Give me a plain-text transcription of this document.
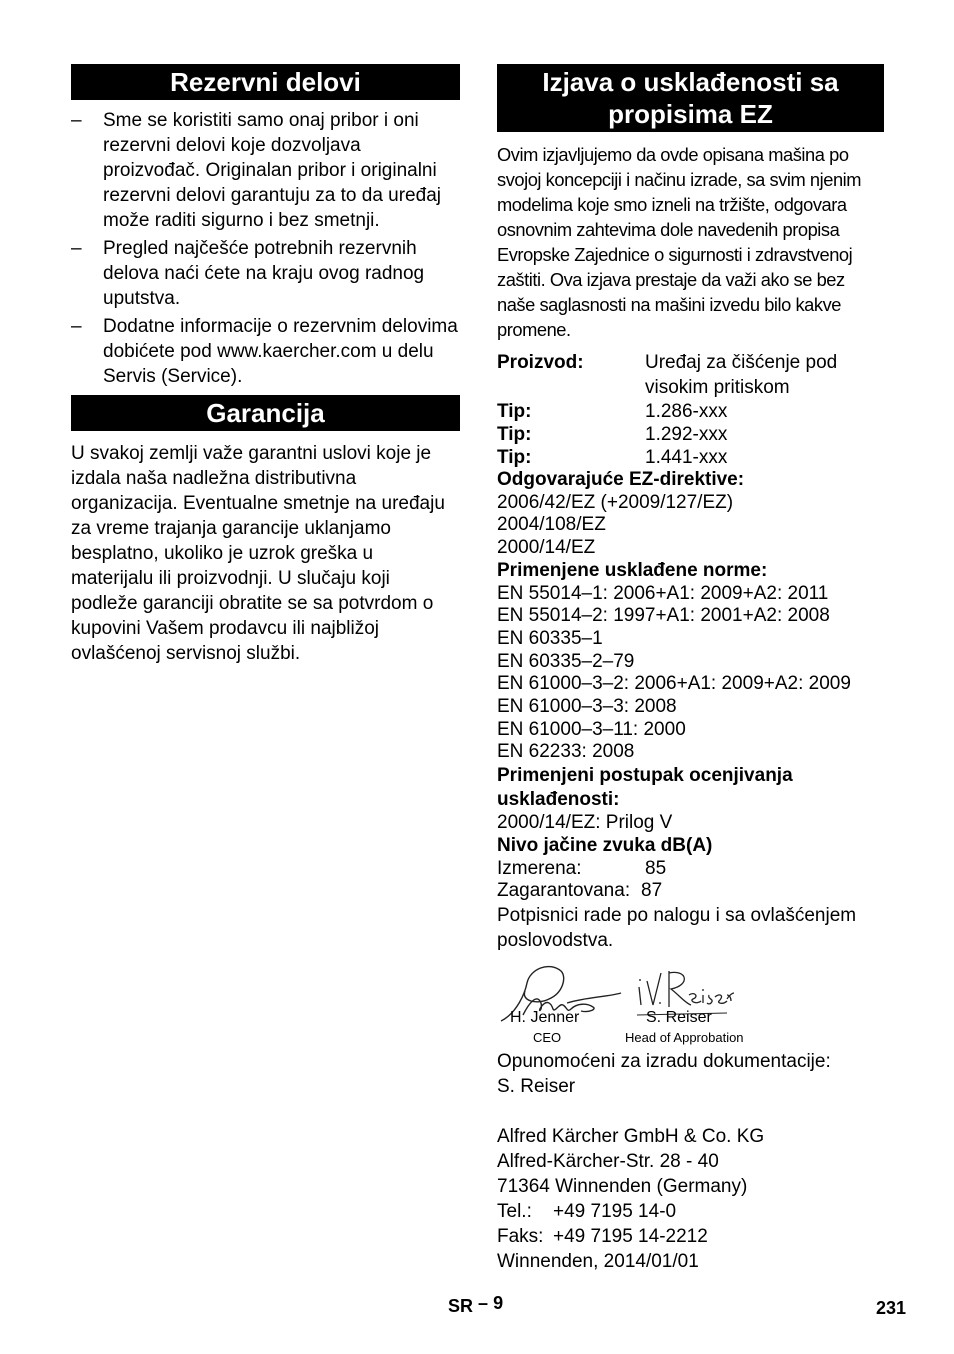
Rezervni delovi
–	Sme se koristiti samo onaj pribor i oni rezervni delovi koje dozvoljava proizvođač. Originalan pribor i originalni rezervni delovi garantuju za to da uređaj može raditi sigurno i bez smetnji.
–	Pregled najčešće potrebnih rezervnih delova naći ćete na kraju ovog radnog uputstva.
–	Dodatne informacije o rezervnim delovima dobićete pod www.kaercher.com u delu Servis (Service).
Garancija

U svakoj zemlji važe garantni uslovi koje je izdala naša nadležna distributivna organizacija. Eventualne smetnje na uređaju za vreme trajanja garancije uklanjamo besplatno, ukoliko je uzrok greška u materijalu ili proizvodnji. U slučaju koji podleže garanciji obratite se sa potvrdom o kupovini Vašem prodavcu ili najbližoj ovlašćenoj servisnoj službi.

Izjava o usklađenosti sa
propisima EZ

Ovim izjavljujemo da ovde opisana mašina po svojoj koncepciji i načinu izrade, sa svim njenim modelima koje smo izneli na tržište, odgovara osnovnim zahtevima dole navedenih propisa Evropske Zajednice o sigurnosti i zdravstvenoj zaštiti. Ova izjava prestaje da važi ako se bez naše saglasnosti na mašini izvedu bilo kakve promene.

Proizvod:	Uređaj za čišćenje pod
visokim pritiskom
Tip:	1.286-xxx
Tip:	1.292-xxx
Tip:	1.441-xxx
Odgovarajuće EZ-direktive:
2006/42/EZ (+2009/127/EZ)
2004/108/EZ
2000/14/EZ
Primenjene usklađene norme:
EN 55014–1: 2006+A1: 2009+A2: 2011
EN 55014–2: 1997+A1: 2001+A2: 2008
EN 60335–1
EN 60335–2–79
EN 61000–3–2: 2006+A1: 2009+A2: 2009
EN 61000–3–3: 2008
EN 61000–3–11: 2000
EN 62233: 2008
Primenjeni postupak ocenjivanja
usklađenosti:
2000/14/EZ: Prilog V
Nivo jačine zvuka dB(A)
Izmerena:	85
Zagarantovana: 87

Potpisnici rade po nalogu i sa ovlašćenjem poslovodstva.

H. Jenner
CEO
S. Reiser
Head of Approbation
Opunomoćeni za izradu dokumentacije:
S. Reiser
Alfred Kärcher GmbH & Co. KG
Alfred-Kärcher-Str. 28 - 40
71364 Winnenden (Germany)
Tel.: +49 7195 14-0
Faks: +49 7195 14-2212
Winnenden, 2014/01/01
SR – 9	231
